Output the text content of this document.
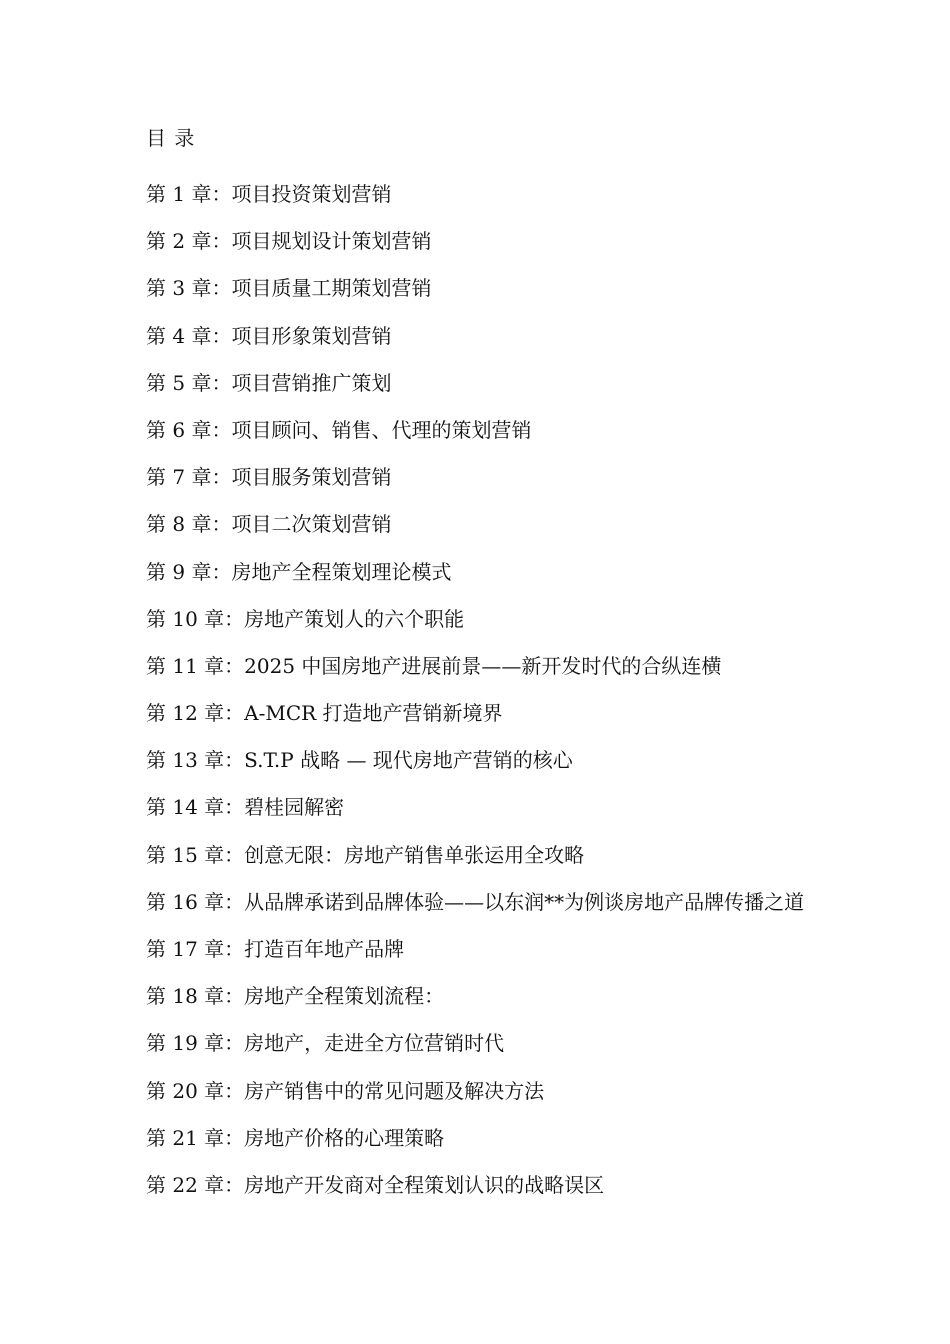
目 录
第 1 章：项目投资策划营销
第 2 章：项目规划设计策划营销
第 3 章：项目质量工期策划营销
第 4 章：项目形象策划营销
第 5 章：项目营销推广策划
第 6 章：项目顾问、销售、代理的策划营销
第 7 章：项目服务策划营销
第 8 章：项目二次策划营销
第 9 章：房地产全程策划理论模式
第 10 章：房地产策划人的六个职能
第 11 章：2025 中国房地产进展前景——新开发时代的合纵连横
第 12 章：A-MCR 打造地产营销新境界
第 13 章：S.T.P 战略 — 现代房地产营销的核心
第 14 章：碧桂园解密
第 15 章：创意无限：房地产销售单张运用全攻略
第 16 章：从品牌承诺到品牌体验——以东润**为例谈房地产品牌传播之道
第 17 章：打造百年地产品牌
第 18 章：房地产全程策划流程：
第 19 章：房地产，走进全方位营销时代
第 20 章：房产销售中的常见问题及解决方法
第 21 章：房地产价格的心理策略
第 22 章：房地产开发商对全程策划认识的战略误区
